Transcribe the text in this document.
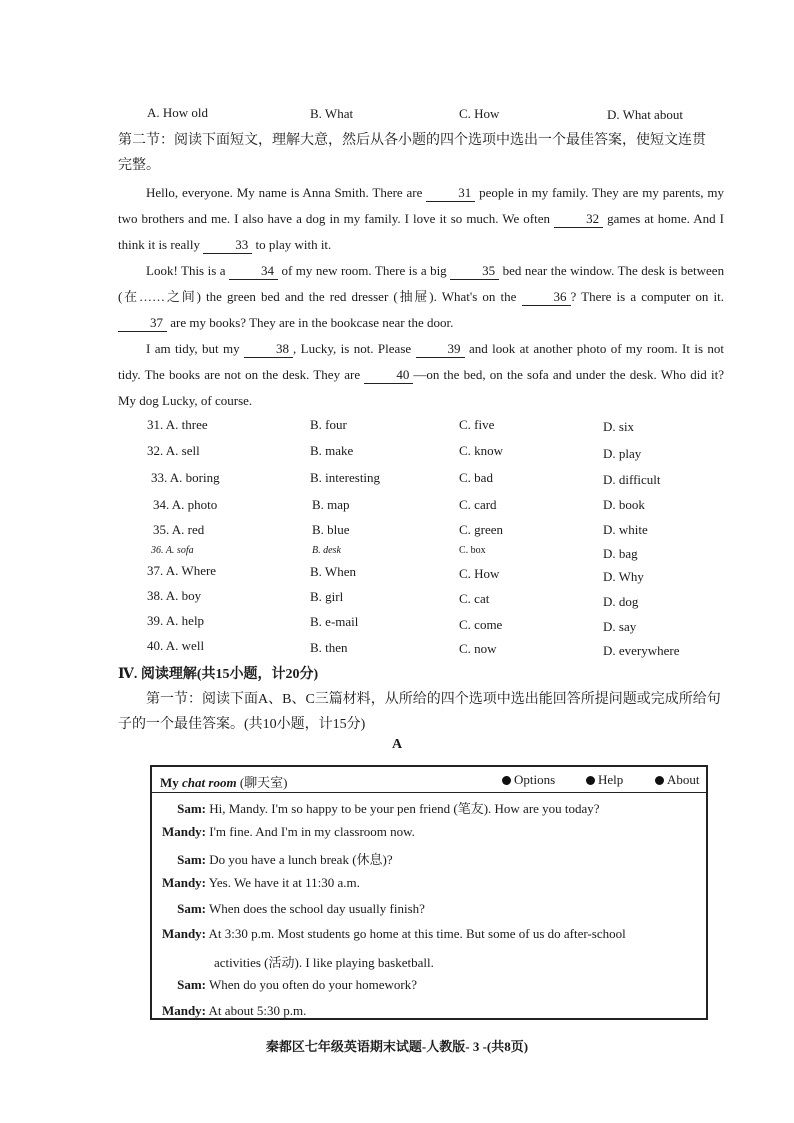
A. How old	B. What	C. How	D. What about
第二节：阅读下面短文，理解大意，然后从各小题的四个选项中选出一个最佳答案，使短文连贯
完整。
Hello, everyone. My name is Anna Smith. There are	31 people in my family. They are my parents, my two brothers and me. I also have a dog in my family. I love it so much. We often	32 games at home. And I think it is really	33 to play with it.
Look! This is a	34 of my new room. There is a big	35 bed near the window. The desk is between (在……之间) the green bed and the red dresser (抽屉). What's on the	36 ? There is a computer on it. 37 are my books? They are in the bookcase near the door.
I am tidy, but my	38 , Lucky, is not. Please	39 and look at another photo of my room. It is not tidy. The books are not on the desk. They are	40 —on the bed, on the sofa and under the desk. Who did it? My dog Lucky, of course.
31. A. three	B. four	C. five	D. six
32. A. sell	B. make	C. know	D. play
33. A. boring	B. interesting	C. bad	D. difficult
34. A. photo	B. map	C. card	D. book
35. A. red	B. blue	C. green	D. white
36. A. sofa	B. desk	C. box	D. bag
37. A. Where	B. When	C. How	D. Why
38. A. boy	B. girl	C. cat	D. dog
39. A. help	B. e-mail	C. come	D. say
40. A. well	B. then	C. now	D. everywhere
Ⅳ. 阅读理解(共15小题，计20分)
第一节：阅读下面A、B、C三篇材料，从所给的四个选项中选出能回答所提问题或完成所给句
子的一个最佳答案。(共10小题，计15分)
A
My chat room (聊天室)	Options	Help	About
Sam: Hi, Mandy. I'm so happy to be your pen friend (笔友). How are you today?
Mandy: I'm fine. And I'm in my classroom now.
Sam: Do you have a lunch break (休息)?
Mandy: Yes. We have it at 11:30 a.m.
Sam: When does the school day usually finish?
Mandy: At 3:30 p.m. Most students go home at this time. But some of us do after-school
activities (活动). I like playing basketball.
Sam: When do you often do your homework?
Mandy: At about 5:30 p.m.
秦都区七年级英语期末试题-人教版- 3 -(共8页)
